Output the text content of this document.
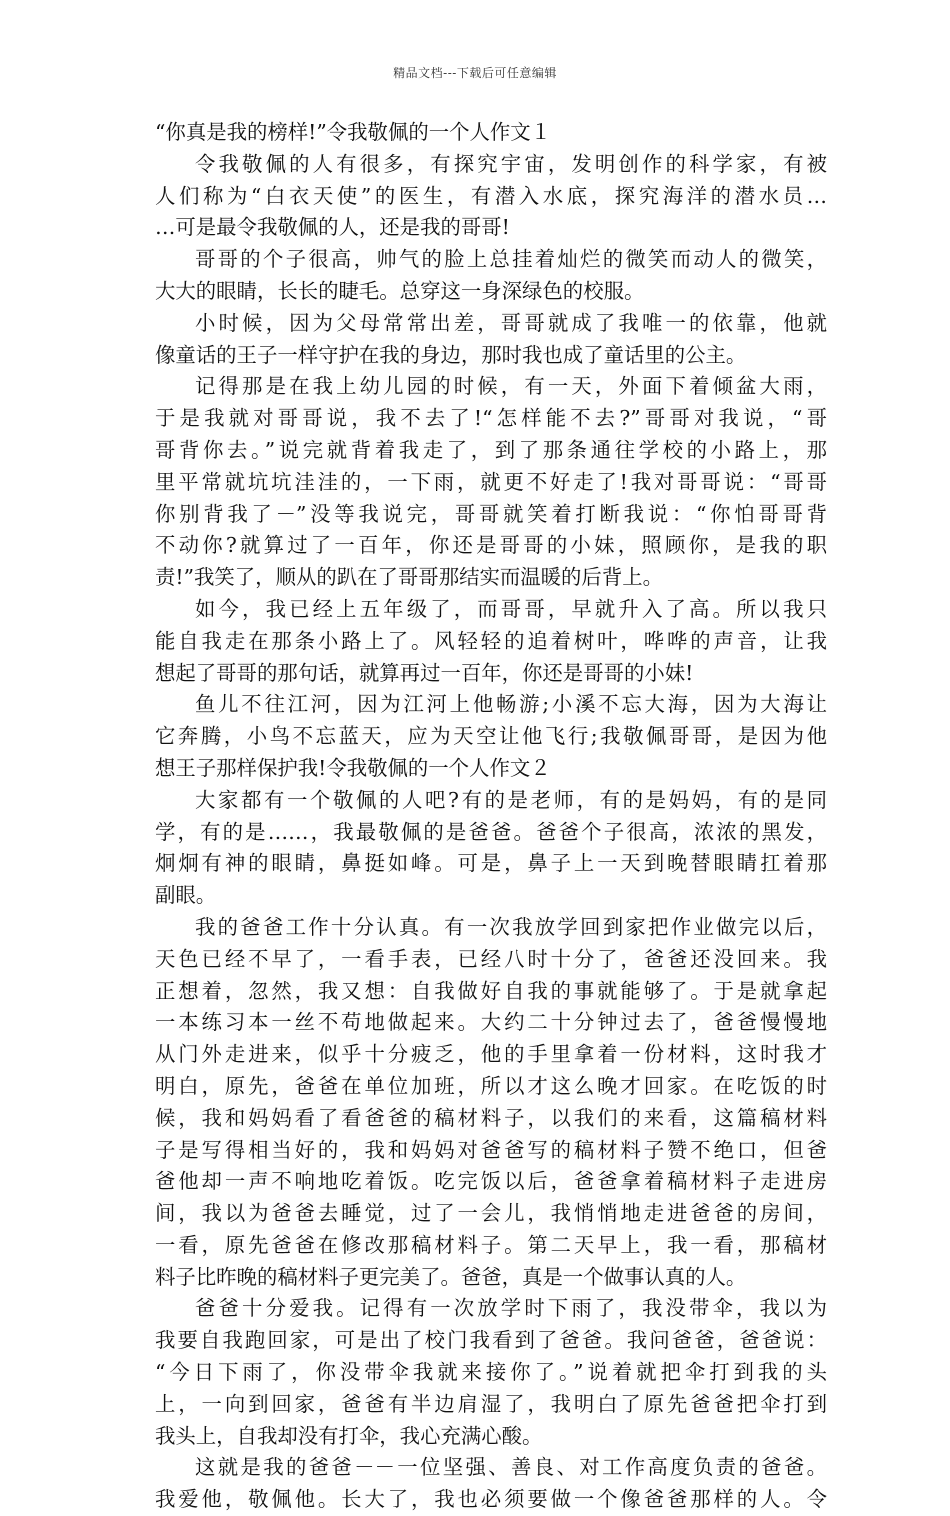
精品文档---下载后可任意编辑
“你真是我的榜样!”令我敬佩的一个人作文１
令我敬佩的人有很多，有探究宇宙，发明创作的科学家，有被
人们称为“白衣天使”的医生，有潜入水底，探究海洋的潜水员…
…可是最令我敬佩的人，还是我的哥哥!
哥哥的个子很高，帅气的脸上总挂着灿烂的微笑而动人的微笑，
大大的眼睛，长长的睫毛。总穿这一身深绿色的校服。
小时候，因为父母常常出差，哥哥就成了我唯一的依靠，他就
像童话的王子一样守护在我的身边，那时我也成了童话里的公主。
记得那是在我上幼儿园的时候，有一天，外面下着倾盆大雨，
于是我就对哥哥说，我不去了!“怎样能不去?”哥哥对我说，“哥
哥背你去。”说完就背着我走了，到了那条通往学校的小路上，那
里平常就坑坑洼洼的，一下雨，就更不好走了!我对哥哥说：“哥哥
你别背我了－”没等我说完，哥哥就笑着打断我说：“你怕哥哥背
不动你?就算过了一百年，你还是哥哥的小妹，照顾你，是我的职
责!”我笑了，顺从的趴在了哥哥那结实而温暖的后背上。
如今，我已经上五年级了，而哥哥，早就升入了高。所以我只
能自我走在那条小路上了。风轻轻的追着树叶，哗哗的声音，让我
想起了哥哥的那句话，就算再过一百年，你还是哥哥的小妹!
鱼儿不往江河，因为江河上他畅游;小溪不忘大海，因为大海让
它奔腾，小鸟不忘蓝天，应为天空让他飞行;我敬佩哥哥，是因为他
想王子那样保护我!令我敬佩的一个人作文２
大家都有一个敬佩的人吧?有的是老师，有的是妈妈，有的是同
学，有的是……，我最敬佩的是爸爸。爸爸个子很高，浓浓的黑发，
炯炯有神的眼睛，鼻挺如峰。可是，鼻子上一天到晚替眼睛扛着那
副眼。
我的爸爸工作十分认真。有一次我放学回到家把作业做完以后，
天色已经不早了，一看手表，已经八时十分了，爸爸还没回来。我
正想着，忽然，我又想：自我做好自我的事就能够了。于是就拿起
一本练习本一丝不苟地做起来。大约二十分钟过去了，爸爸慢慢地
从门外走进来，似乎十分疲乏，他的手里拿着一份材料，这时我才
明白，原先，爸爸在单位加班，所以才这么晚才回家。在吃饭的时
候，我和妈妈看了看爸爸的稿材料子，以我们的来看，这篇稿材料
子是写得相当好的，我和妈妈对爸爸写的稿材料子赞不绝口，但爸
爸他却一声不响地吃着饭。吃完饭以后，爸爸拿着稿材料子走进房
间，我以为爸爸去睡觉，过了一会儿，我悄悄地走进爸爸的房间，
一看，原先爸爸在修改那稿材料子。第二天早上，我一看，那稿材
料子比昨晚的稿材料子更完美了。爸爸，真是一个做事认真的人。
爸爸十分爱我。记得有一次放学时下雨了，我没带伞，我以为
我要自我跑回家，可是出了校门我看到了爸爸。我问爸爸，爸爸说：
“今日下雨了，你没带伞我就来接你了。”说着就把伞打到我的头
上，一向到回家，爸爸有半边肩湿了，我明白了原先爸爸把伞打到
我头上，自我却没有打伞，我心充满心酸。
这就是我的爸爸－－一位坚强、善良、对工作高度负责的爸爸。
我爱他，敬佩他。长大了，我也必须要做一个像爸爸那样的人。令
